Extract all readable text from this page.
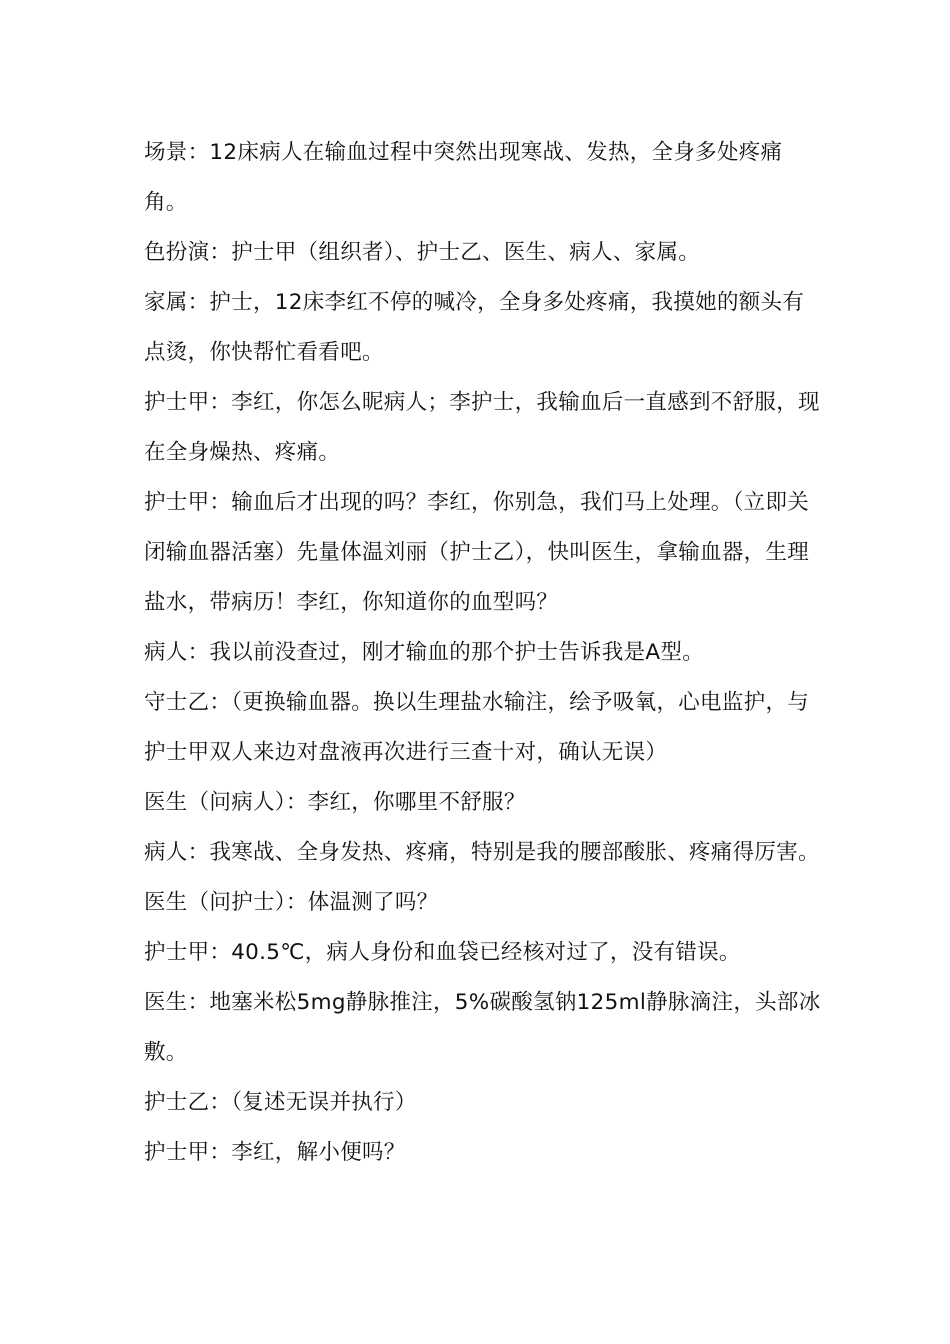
场景：12床病人在输血过程中突然出现寒战、发热，全身多处疼痛角。

色扮演：护士甲（组织者）、护士乙、医生、病人、家属。

家属：护士，12床李红不停的喊冷，全身多处疼痛，我摸她的额头有点烫，你快帮忙看看吧。

护士甲：李红，你怎么昵病人；李护士，我输血后一直感到不舒服，现在全身燥热、疼痛。

护士甲：输血后才出现的吗？李红，你别急，我们马上处理。（立即关闭输血器活塞）先量体温刘丽（护士乙），快叫医生，拿输血器，生理盐水，带病历！李红，你知道你的血型吗？

病人：我以前没查过，刚才输血的那个护士告诉我是A型。

守士乙：（更换输血器。换以生理盐水输注，绘予吸氧，心电监护，与护士甲双人来边对盘液再次进行三查十对，确认无误）

医生（问病人）：李红，你哪里不舒服？

病人：我寒战、全身发热、疼痛，特别是我的腰部酸胀、疼痛得厉害。

医生（问护士）：体温测了吗？

护士甲：40.5℃，病人身份和血袋已经核对过了，没有错误。

医生：地塞米松5mg静脉推注，5%碳酸氢钠125ml静脉滴注，头部冰敷。

护士乙：（复述无误并执行）

护士甲：李红，解小便吗？
